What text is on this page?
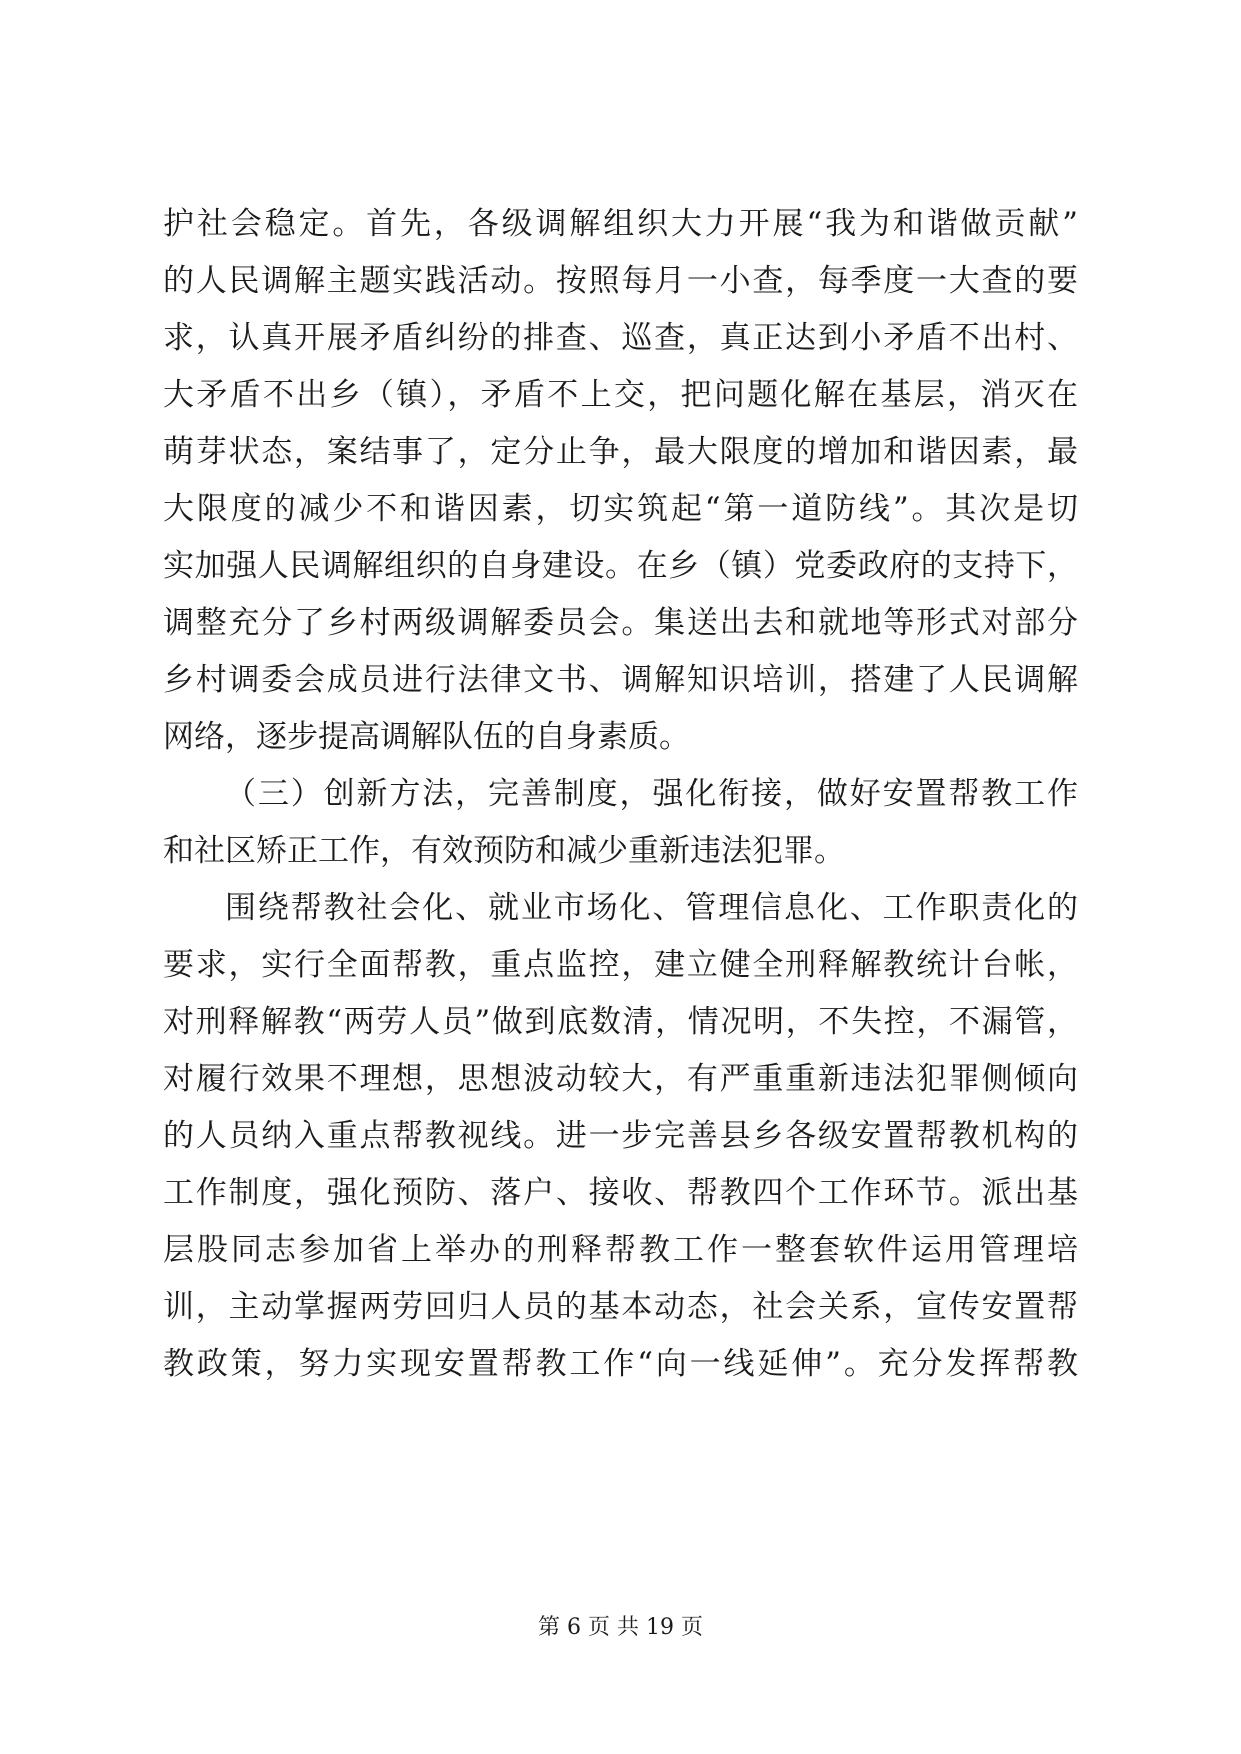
护社会稳定。首先，各级调解组织大力开展“我为和谐做贡献”
的人民调解主题实践活动。按照每月一小查，每季度一大查的要
求，认真开展矛盾纠纷的排查、巡查，真正达到小矛盾不出村、
大矛盾不出乡（镇），矛盾不上交，把问题化解在基层，消灭在
萌芽状态，案结事了，定分止争，最大限度的增加和谐因素，最
大限度的减少不和谐因素，切实筑起“第一道防线”。其次是切
实加强人民调解组织的自身建设。在乡（镇）党委政府的支持下，
调整充分了乡村两级调解委员会。集送出去和就地等形式对部分
乡村调委会成员进行法律文书、调解知识培训，搭建了人民调解
网络，逐步提高调解队伍的自身素质。
（三）创新方法，完善制度，强化衔接，做好安置帮教工作
和社区矫正工作，有效预防和减少重新违法犯罪。
围绕帮教社会化、就业市场化、管理信息化、工作职责化的
要求，实行全面帮教，重点监控，建立健全刑释解教统计台帐，
对刑释解教“两劳人员”做到底数清，情况明，不失控，不漏管，
对履行效果不理想，思想波动较大，有严重重新违法犯罪侧倾向
的人员纳入重点帮教视线。进一步完善县乡各级安置帮教机构的
工作制度，强化预防、落户、接收、帮教四个工作环节。派出基
层股同志参加省上举办的刑释帮教工作一整套软件运用管理培
训，主动掌握两劳回归人员的基本动态，社会关系，宣传安置帮
教政策，努力实现安置帮教工作“向一线延伸”。充分发挥帮教
第 6 页 共 19 页
